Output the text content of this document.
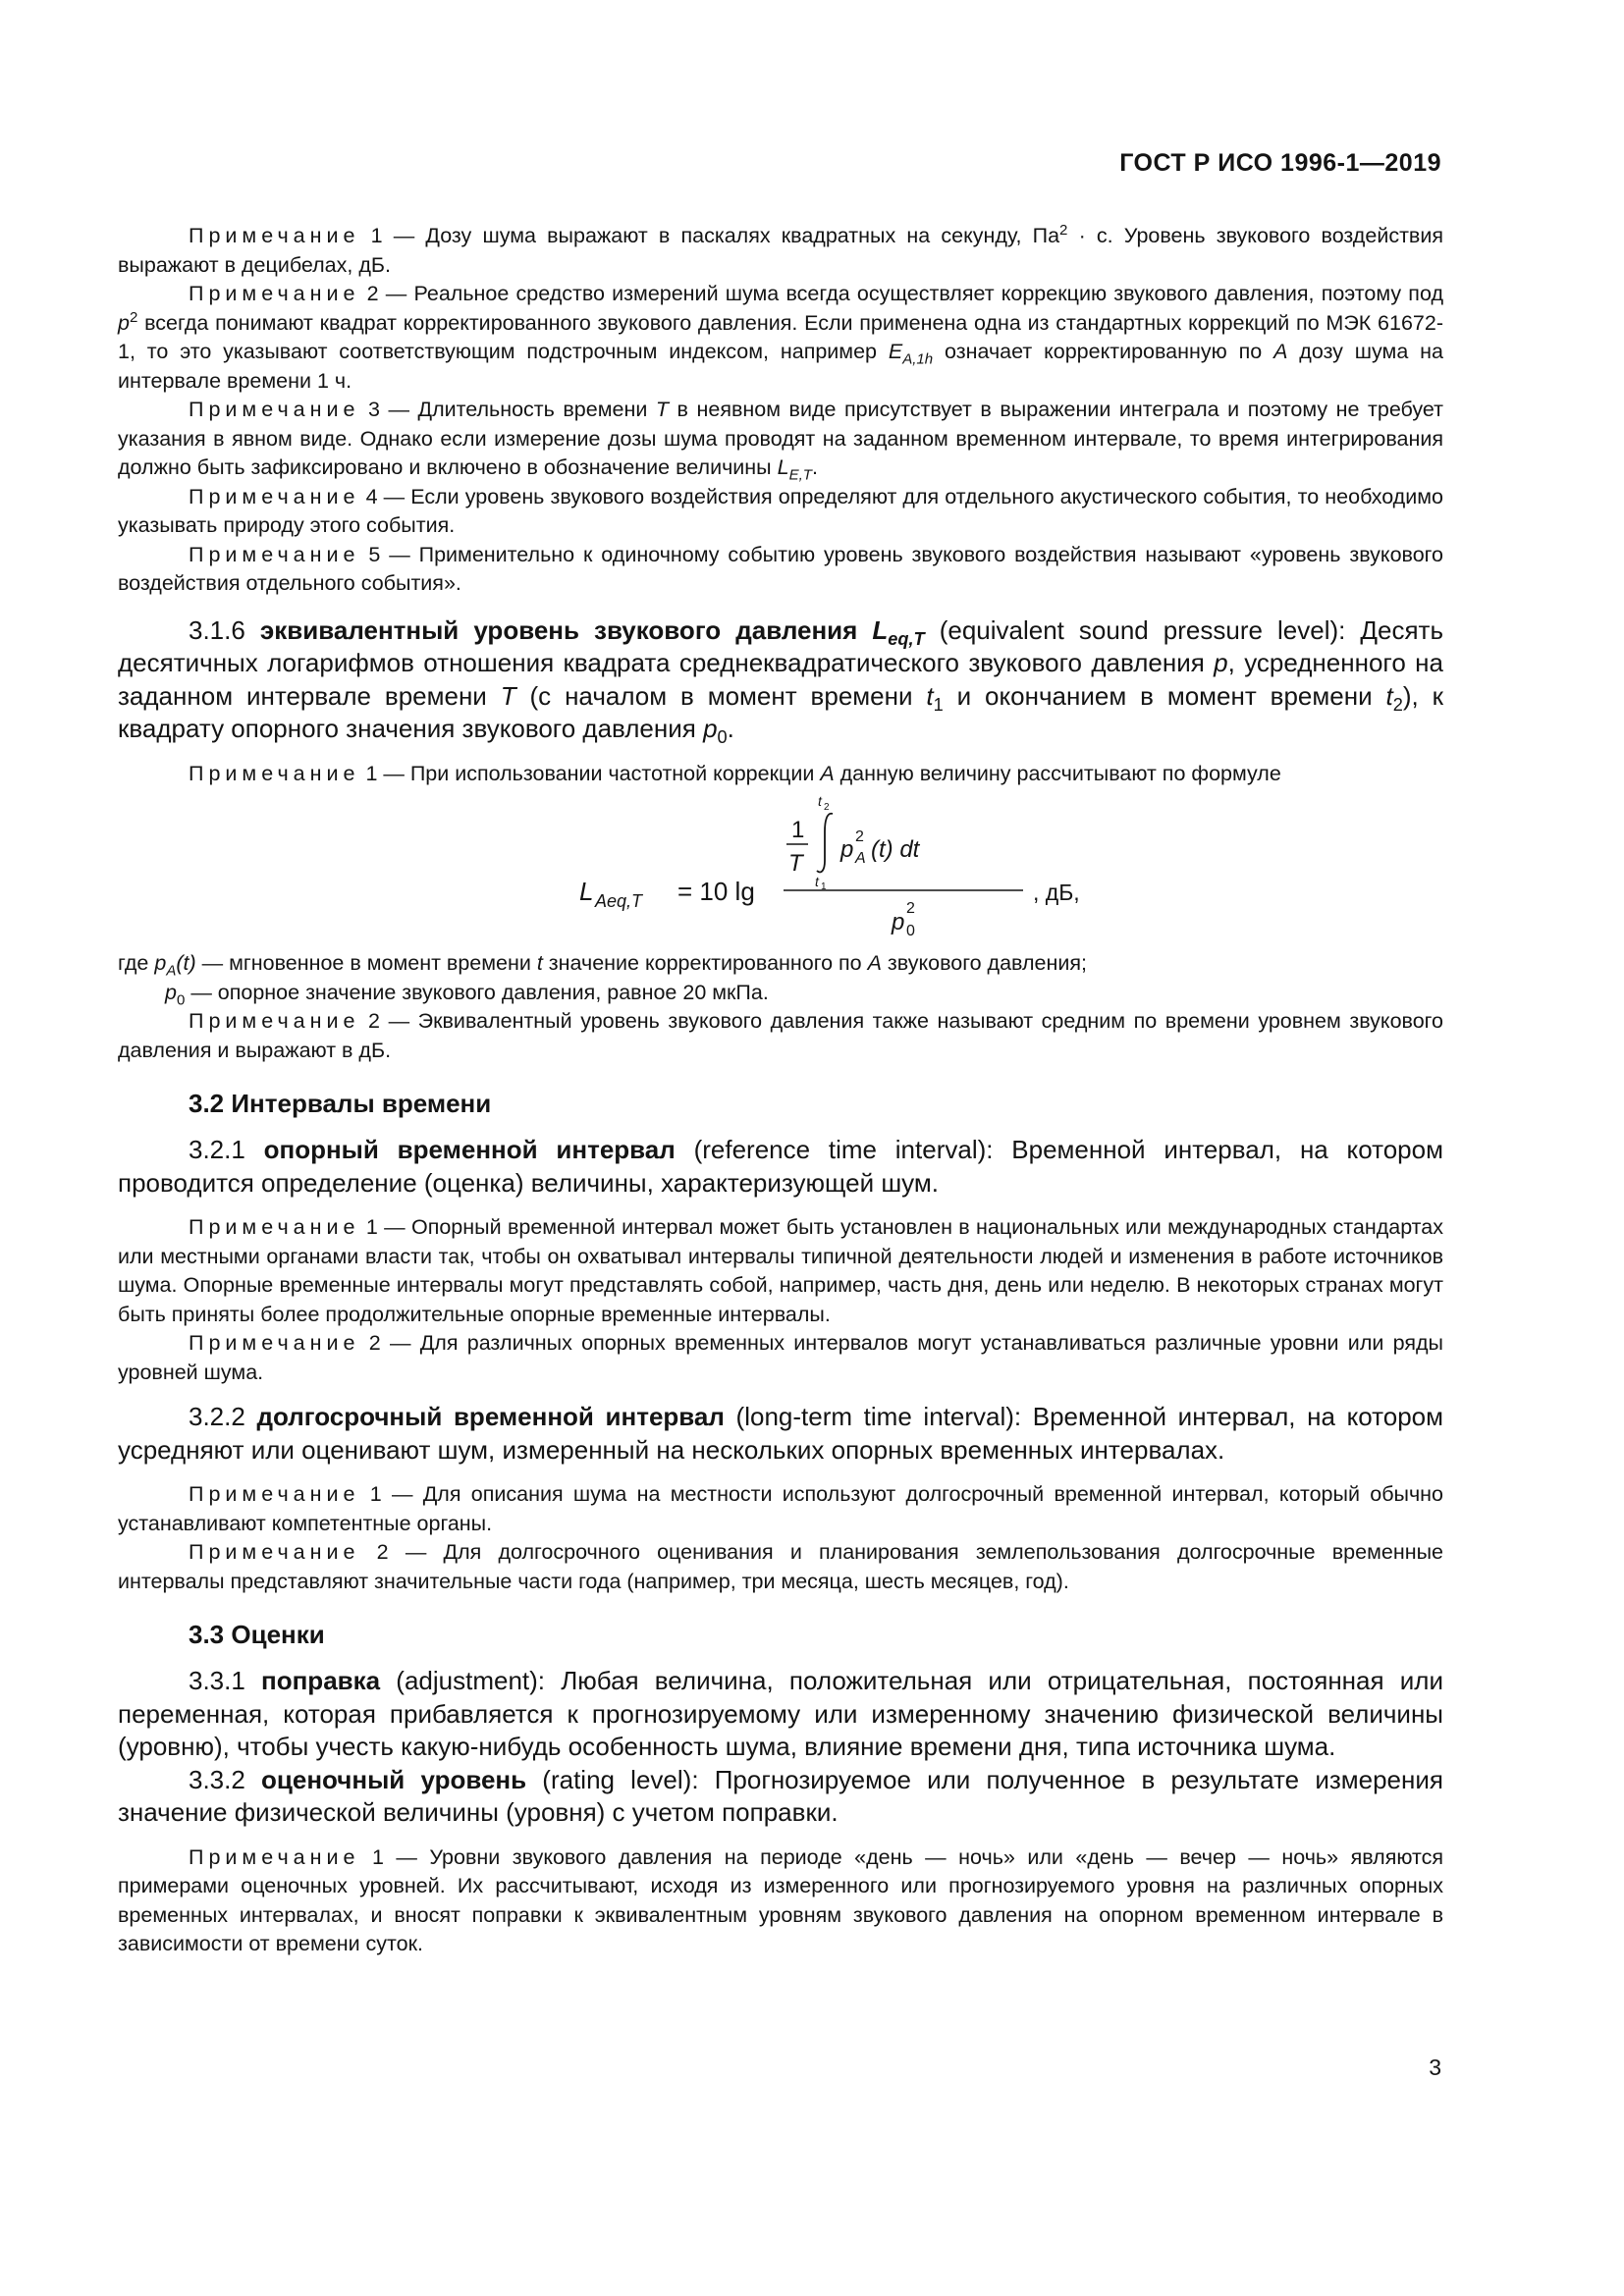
ГОСТ Р ИСО 1996-1—2019

Примечание 1 — Дозу шума выражают в паскалях квадратных на секунду, $Па^2 \cdot с$. Уровень звукового воздействия выражают в децибелах, дБ.

Примечание 2 — Реальное средство измерений шума всегда осуществляет коррекцию звукового давления, поэтому под $p^2$ всегда понимают квадрат корректированного звукового давления. Если применена одна из стандартных коррекций по МЭК 61672-1, то это указывают соответствующим подстрочным индексом, например $E_{A,1h}$ означает корректированную по A дозу шума на интервале времени 1 ч.

Примечание 3 — Длительность времени T в неявном виде присутствует в выражении интеграла и поэтому не требует указания в явном виде. Однако если измерение дозы шума проводят на заданном временном интервале, то время интегрирования должно быть зафиксировано и включено в обозначение величины $L_{E,T}$.

Примечание 4 — Если уровень звукового воздействия определяют для отдельного акустического события, то необходимо указывать природу этого события.

Примечание 5 — Применительно к одиночному событию уровень звукового воздействия называют «уровень звукового воздействия отдельного события».

3.1.6 эквивалентный уровень звукового давления $L_{eq,T}$ (equivalent sound pressure level): Десять десятичных логарифмов отношения квадрата среднеквадратического звукового давления p, усредненного на заданном интервале времени T (с началом в момент времени $t_1$ и окончанием в момент времени $t_2$), к квадрату опорного значения звукового давления $p_0$.

Примечание 1 — При использовании частотной коррекции A данную величину рассчитывают по формуле

L Aeq,T = 10 lg
1
T
t 2
t 1
p 2
A (t) dt
p
2
0
, дБ,

где $p_A(t)$ — мгновенное в момент времени t значение корректированного по A звукового давления;

$p_0$ — опорное значение звукового давления, равное 20 мкПа.

Примечание 2 — Эквивалентный уровень звукового давления также называют средним по времени уровнем звукового давления и выражают в дБ.

3.2 Интервалы времени

3.2.1 опорный временной интервал (reference time interval): Временной интервал, на котором проводится определение (оценка) величины, характеризующей шум.

Примечание 1 — Опорный временной интервал может быть установлен в национальных или международных стандартах или местными органами власти так, чтобы он охватывал интервалы типичной деятельности людей и изменения в работе источников шума. Опорные временные интервалы могут представлять собой, например, часть дня, день или неделю. В некоторых странах могут быть приняты более продолжительные опорные временные интервалы.

Примечание 2 — Для различных опорных временных интервалов могут устанавливаться различные уровни или ряды уровней шума.

3.2.2 долгосрочный временной интервал (long-term time interval): Временной интервал, на котором усредняют или оценивают шум, измеренный на нескольких опорных временных интервалах.

Примечание 1 — Для описания шума на местности используют долгосрочный временной интервал, который обычно устанавливают компетентные органы.

Примечание 2 — Для долгосрочного оценивания и планирования землепользования долгосрочные временные интервалы представляют значительные части года (например, три месяца, шесть месяцев, год).

3.3 Оценки

3.3.1 поправка (adjustment): Любая величина, положительная или отрицательная, постоянная или переменная, которая прибавляется к прогнозируемому или измеренному значению физической величины (уровню), чтобы учесть какую-нибудь особенность шума, влияние времени дня, типа источника шума.

3.3.2 оценочный уровень (rating level): Прогнозируемое или полученное в результате измерения значение физической величины (уровня) с учетом поправки.

Примечание 1 — Уровни звукового давления на периоде «день — ночь» или «день — вечер — ночь» являются примерами оценочных уровней. Их рассчитывают, исходя из измеренного или прогнозируемого уровня на различных опорных временных интервалах, и вносят поправки к эквивалентным уровням звукового давления на опорном временном интервале в зависимости от времени суток.

3
